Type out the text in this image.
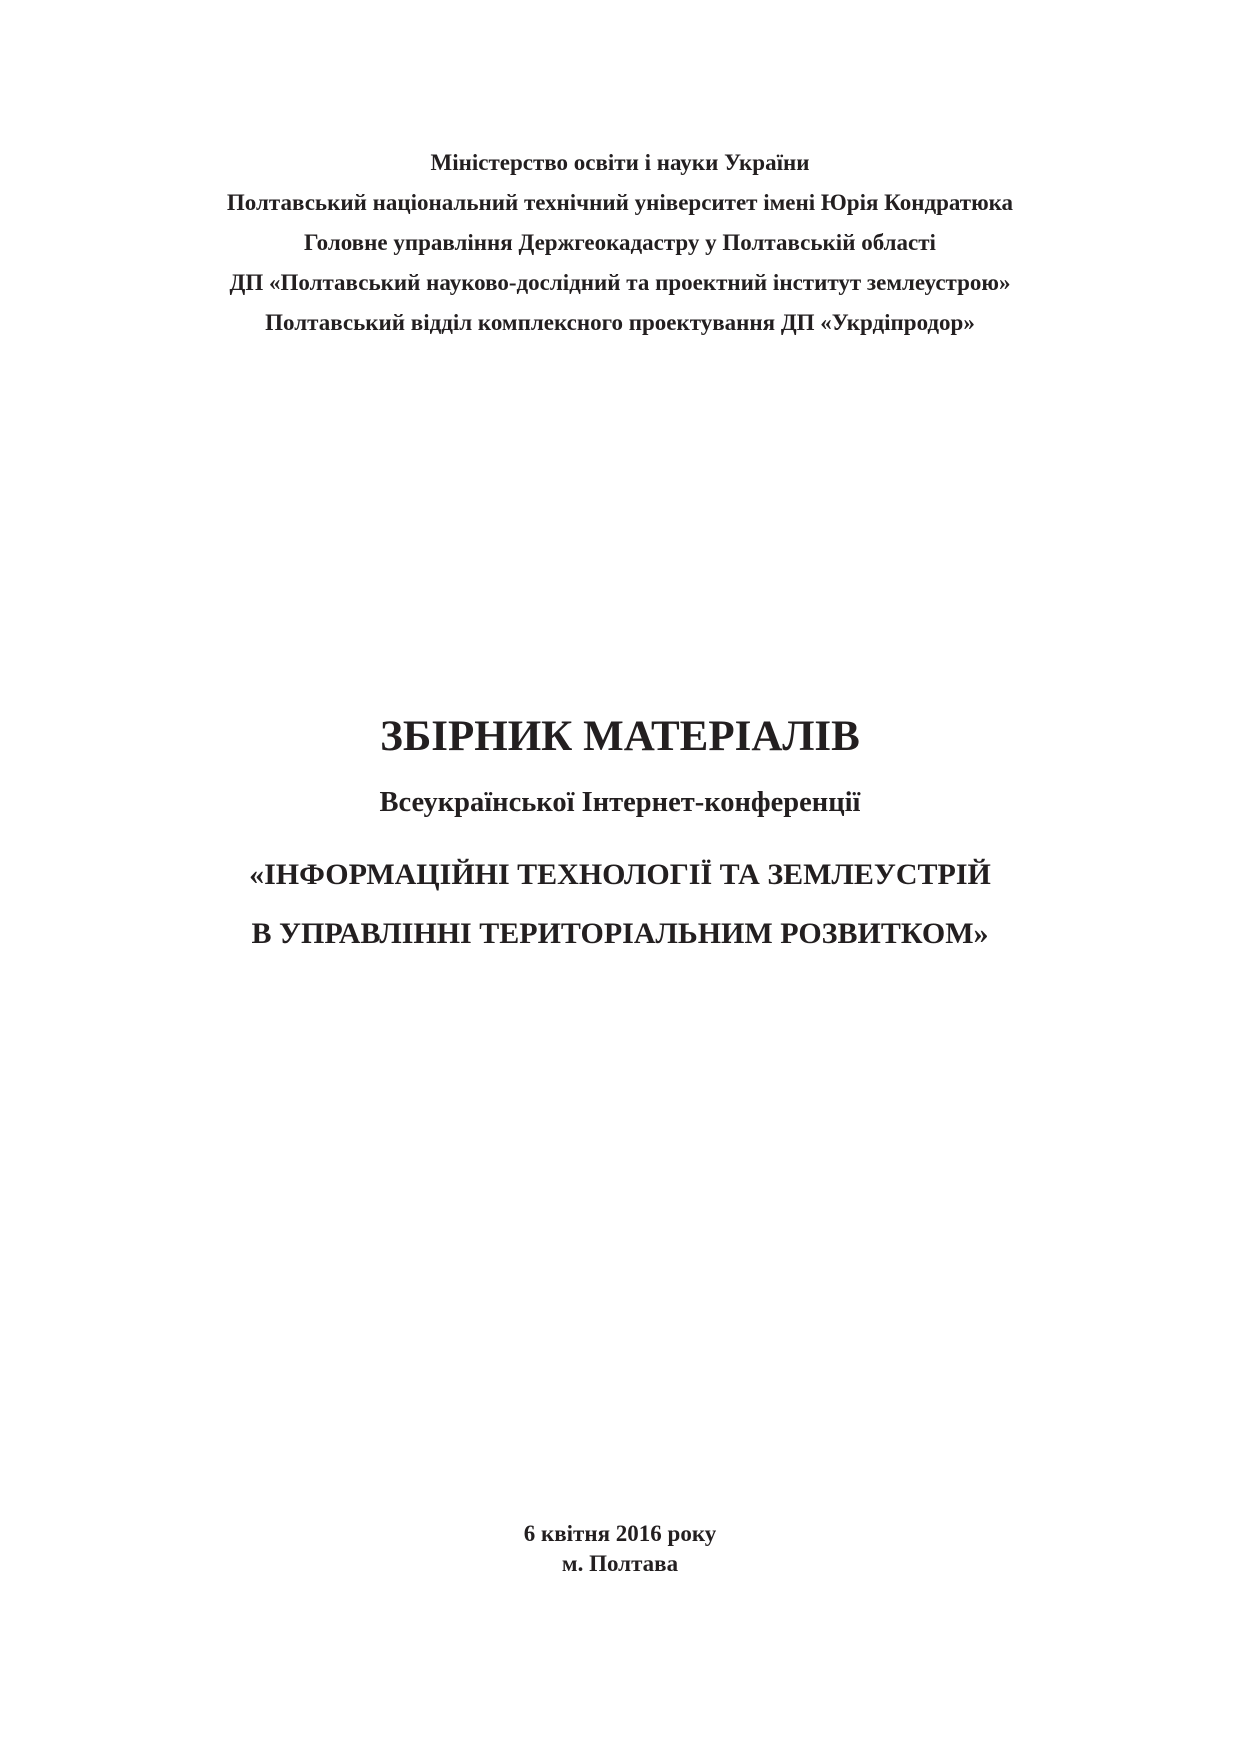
Міністерство освіти і науки України
Полтавський національний технічний університет імені Юрія Кондратюка
Головне управління Держгеокадастру у Полтавській області
ДП «Полтавський науково-дослідний та проектний інститут землеустрою»
Полтавський відділ комплексного проектування ДП «Укрдіпродор»
ЗБІРНИК МАТЕРІАЛІВ
Всеукраїнської Інтернет-конференції
«ІНФОРМАЦІЙНІ ТЕХНОЛОГІЇ ТА ЗЕМЛЕУСТРІЙ
В УПРАВЛІННІ ТЕРИТОРІАЛЬНИМ РОЗВИТКОМ»
6 квітня 2016 року
м. Полтава
